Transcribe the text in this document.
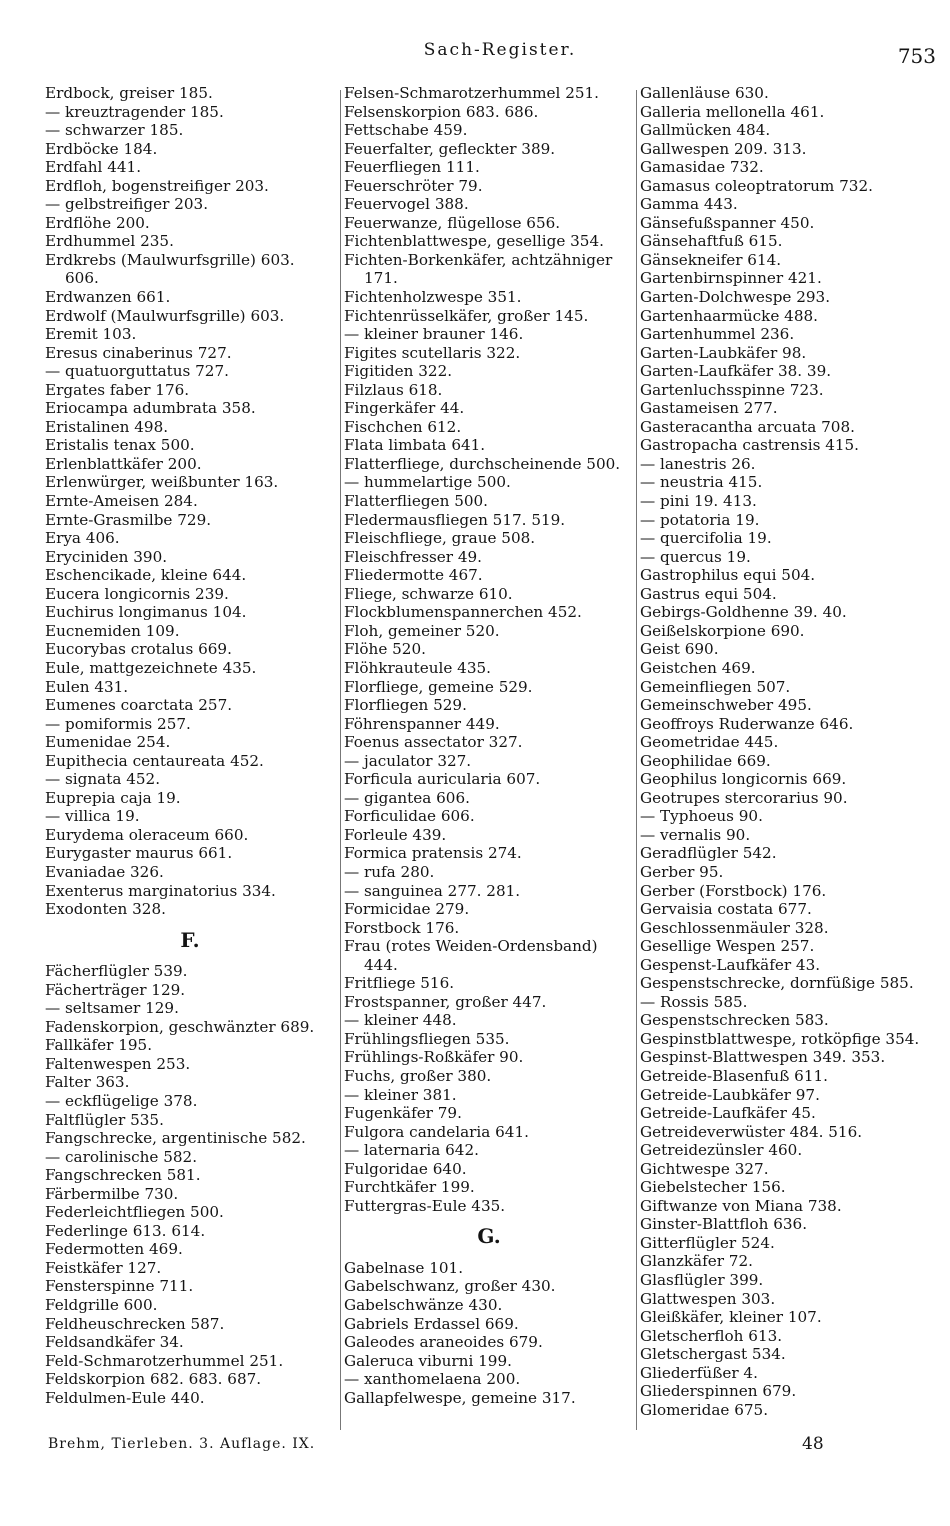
Sach-Register.	753
Erdbock, greiser 185.
— kreuztragender 185.
— schwarzer 185.
Erdböcke 184.
Erdfahl 441.
Erdfloh, bogenstreifiger 203.
— gelbstreifiger 203.
Erdflöhe 200.
Erdhummel 235.
Erdkrebs (Maulwurfsgrille) 603.
606.
Erdwanzen 661.
Erdwolf (Maulwurfsgrille) 603.
Eremit 103.
Eresus cinaberinus 727.
— quatuorguttatus 727.
Ergates faber 176.
Eriocampa adumbrata 358.
Eristalinen 498.
Eristalis tenax 500.
Erlenblattkäfer 200.
Erlenwürger, weißbunter 163.
Ernte-Ameisen 284.
Ernte-Grasmilbe 729.
Erya 406.
Eryciniden 390.
Eschencikade, kleine 644.
Eucera longicornis 239.
Euchirus longimanus 104.
Eucnemiden 109.
Eucorybas crotalus 669.
Eule, mattgezeichnete 435.
Eulen 431.
Eumenes coarctata 257.
— pomiformis 257.
Eumenidae 254.
Eupithecia centaureata 452.
— signata 452.
Euprepia caja 19.
— villica 19.
Eurydema oleraceum 660.
Eurygaster maurus 661.
Evaniadae 326.
Exenterus marginatorius 334.
Exodonten 328.
F.
Fächerflügler 539.
Fächerträger 129.
— seltsamer 129.
Fadenskorpion, geschwänzter 689.
Fallkäfer 195.
Faltenwespen 253.
Falter 363.
— eckflügelige 378.
Faltflügler 535.
Fangschrecke, argentinische 582.
— carolinische 582.
Fangschrecken 581.
Färbermilbe 730.
Federleichtfliegen 500.
Federlinge 613. 614.
Federmotten 469.
Feistkäfer 127.
Fensterspinne 711.
Feldgrille 600.
Feldheuschrecken 587.
Feldsandkäfer 34.
Feld-Schmarotzerhummel 251.
Feldskorpion 682. 683. 687.
Feldulmen-Eule 440.
Felsen-Schmarotzerhummel 251.
Felsenskorpion 683. 686.
Fettschabe 459.
Feuerfalter, gefleckter 389.
Feuerfliegen 111.
Feuerschröter 79.
Feuervogel 388.
Feuerwanze, flügellose 656.
Fichtenblattwespe, gesellige 354.
Fichten-Borkenkäfer, achtzähniger
171.
Fichtenholzwespe 351.
Fichtenrüsselkäfer, großer 145.
— kleiner brauner 146.
Figites scutellaris 322.
Figitiden 322.
Filzlaus 618.
Fingerkäfer 44.
Fischchen 612.
Flata limbata 641.
Flatterfliege, durchscheinende 500.
— hummelartige 500.
Flatterfliegen 500.
Fledermausfliegen 517. 519.
Fleischfliege, graue 508.
Fleischfresser 49.
Fliedermotte 467.
Fliege, schwarze 610.
Flockblumenspannerchen 452.
Floh, gemeiner 520.
Flöhe 520.
Flöhkrauteule 435.
Florfliege, gemeine 529.
Florfliegen 529.
Föhrenspanner 449.
Foenus assectator 327.
— jaculator 327.
Forficula auricularia 607.
— gigantea 606.
Forficulidae 606.
Forleule 439.
Formica pratensis 274.
— rufa 280.
— sanguinea 277. 281.
Formicidae 279.
Forstbock 176.
Frau (rotes Weiden-Ordensband)
444.
Fritfliege 516.
Frostspanner, großer 447.
— kleiner 448.
Frühlingsfliegen 535.
Frühlings-Roßkäfer 90.
Fuchs, großer 380.
— kleiner 381.
Fugenkäfer 79.
Fulgora candelaria 641.
— laternaria 642.
Fulgoridae 640.
Furchtkäfer 199.
Futtergras-Eule 435.
G.
Gabelnase 101.
Gabelschwanz, großer 430.
Gabelschwänze 430.
Gabriels Erdassel 669.
Galeodes araneoides 679.
Galeruca viburni 199.
— xanthomelaena 200.
Gallapfelwespe, gemeine 317.
Gallenläuse 630.
Galleria mellonella 461.
Gallmücken 484.
Gallwespen 209. 313.
Gamasidae 732.
Gamasus coleoptratorum 732.
Gamma 443.
Gänsefußspanner 450.
Gänsehaftfuß 615.
Gänsekneifer 614.
Gartenbirnspinner 421.
Garten-Dolchwespe 293.
Gartenhaarmücke 488.
Gartenhummel 236.
Garten-Laubkäfer 98.
Garten-Laufkäfer 38. 39.
Gartenluchsspinne 723.
Gastameisen 277.
Gasteracantha arcuata 708.
Gastropacha castrensis 415.
— lanestris 26.
— neustria 415.
— pini 19. 413.
— potatoria 19.
— quercifolia 19.
— quercus 19.
Gastrophilus equi 504.
Gastrus equi 504.
Gebirgs-Goldhenne 39. 40.
Geißelskorpione 690.
Geist 690.
Geistchen 469.
Gemeinfliegen 507.
Gemeinschweber 495.
Geoffroys Ruderwanze 646.
Geometridae 445.
Geophilidae 669.
Geophilus longicornis 669.
Geotrupes stercorarius 90.
— Typhoeus 90.
— vernalis 90.
Geradflügler 542.
Gerber 95.
Gerber (Forstbock) 176.
Gervaisia costata 677.
Geschlossenmäuler 328.
Gesellige Wespen 257.
Gespenst-Laufkäfer 43.
Gespenstschrecke, dornfüßige 585.
— Rossis 585.
Gespenstschrecken 583.
Gespinstblattwespe, rotköpfige 354.
Gespinst-Blattwespen 349. 353.
Getreide-Blasenfuß 611.
Getreide-Laubkäfer 97.
Getreide-Laufkäfer 45.
Getreideverwüster 484. 516.
Getreidezünsler 460.
Gichtwespe 327.
Giebelstecher 156.
Giftwanze von Miana 738.
Ginster-Blattfloh 636.
Gitterflügler 524.
Glanzkäfer 72.
Glasflügler 399.
Glattwespen 303.
Gleißkäfer, kleiner 107.
Gletscherfloh 613.
Gletschergast 534.
Gliederfüßer 4.
Gliederspinnen 679.
Glomeridae 675.
Brehm, Tierleben. 3. Auflage. IX.	48
